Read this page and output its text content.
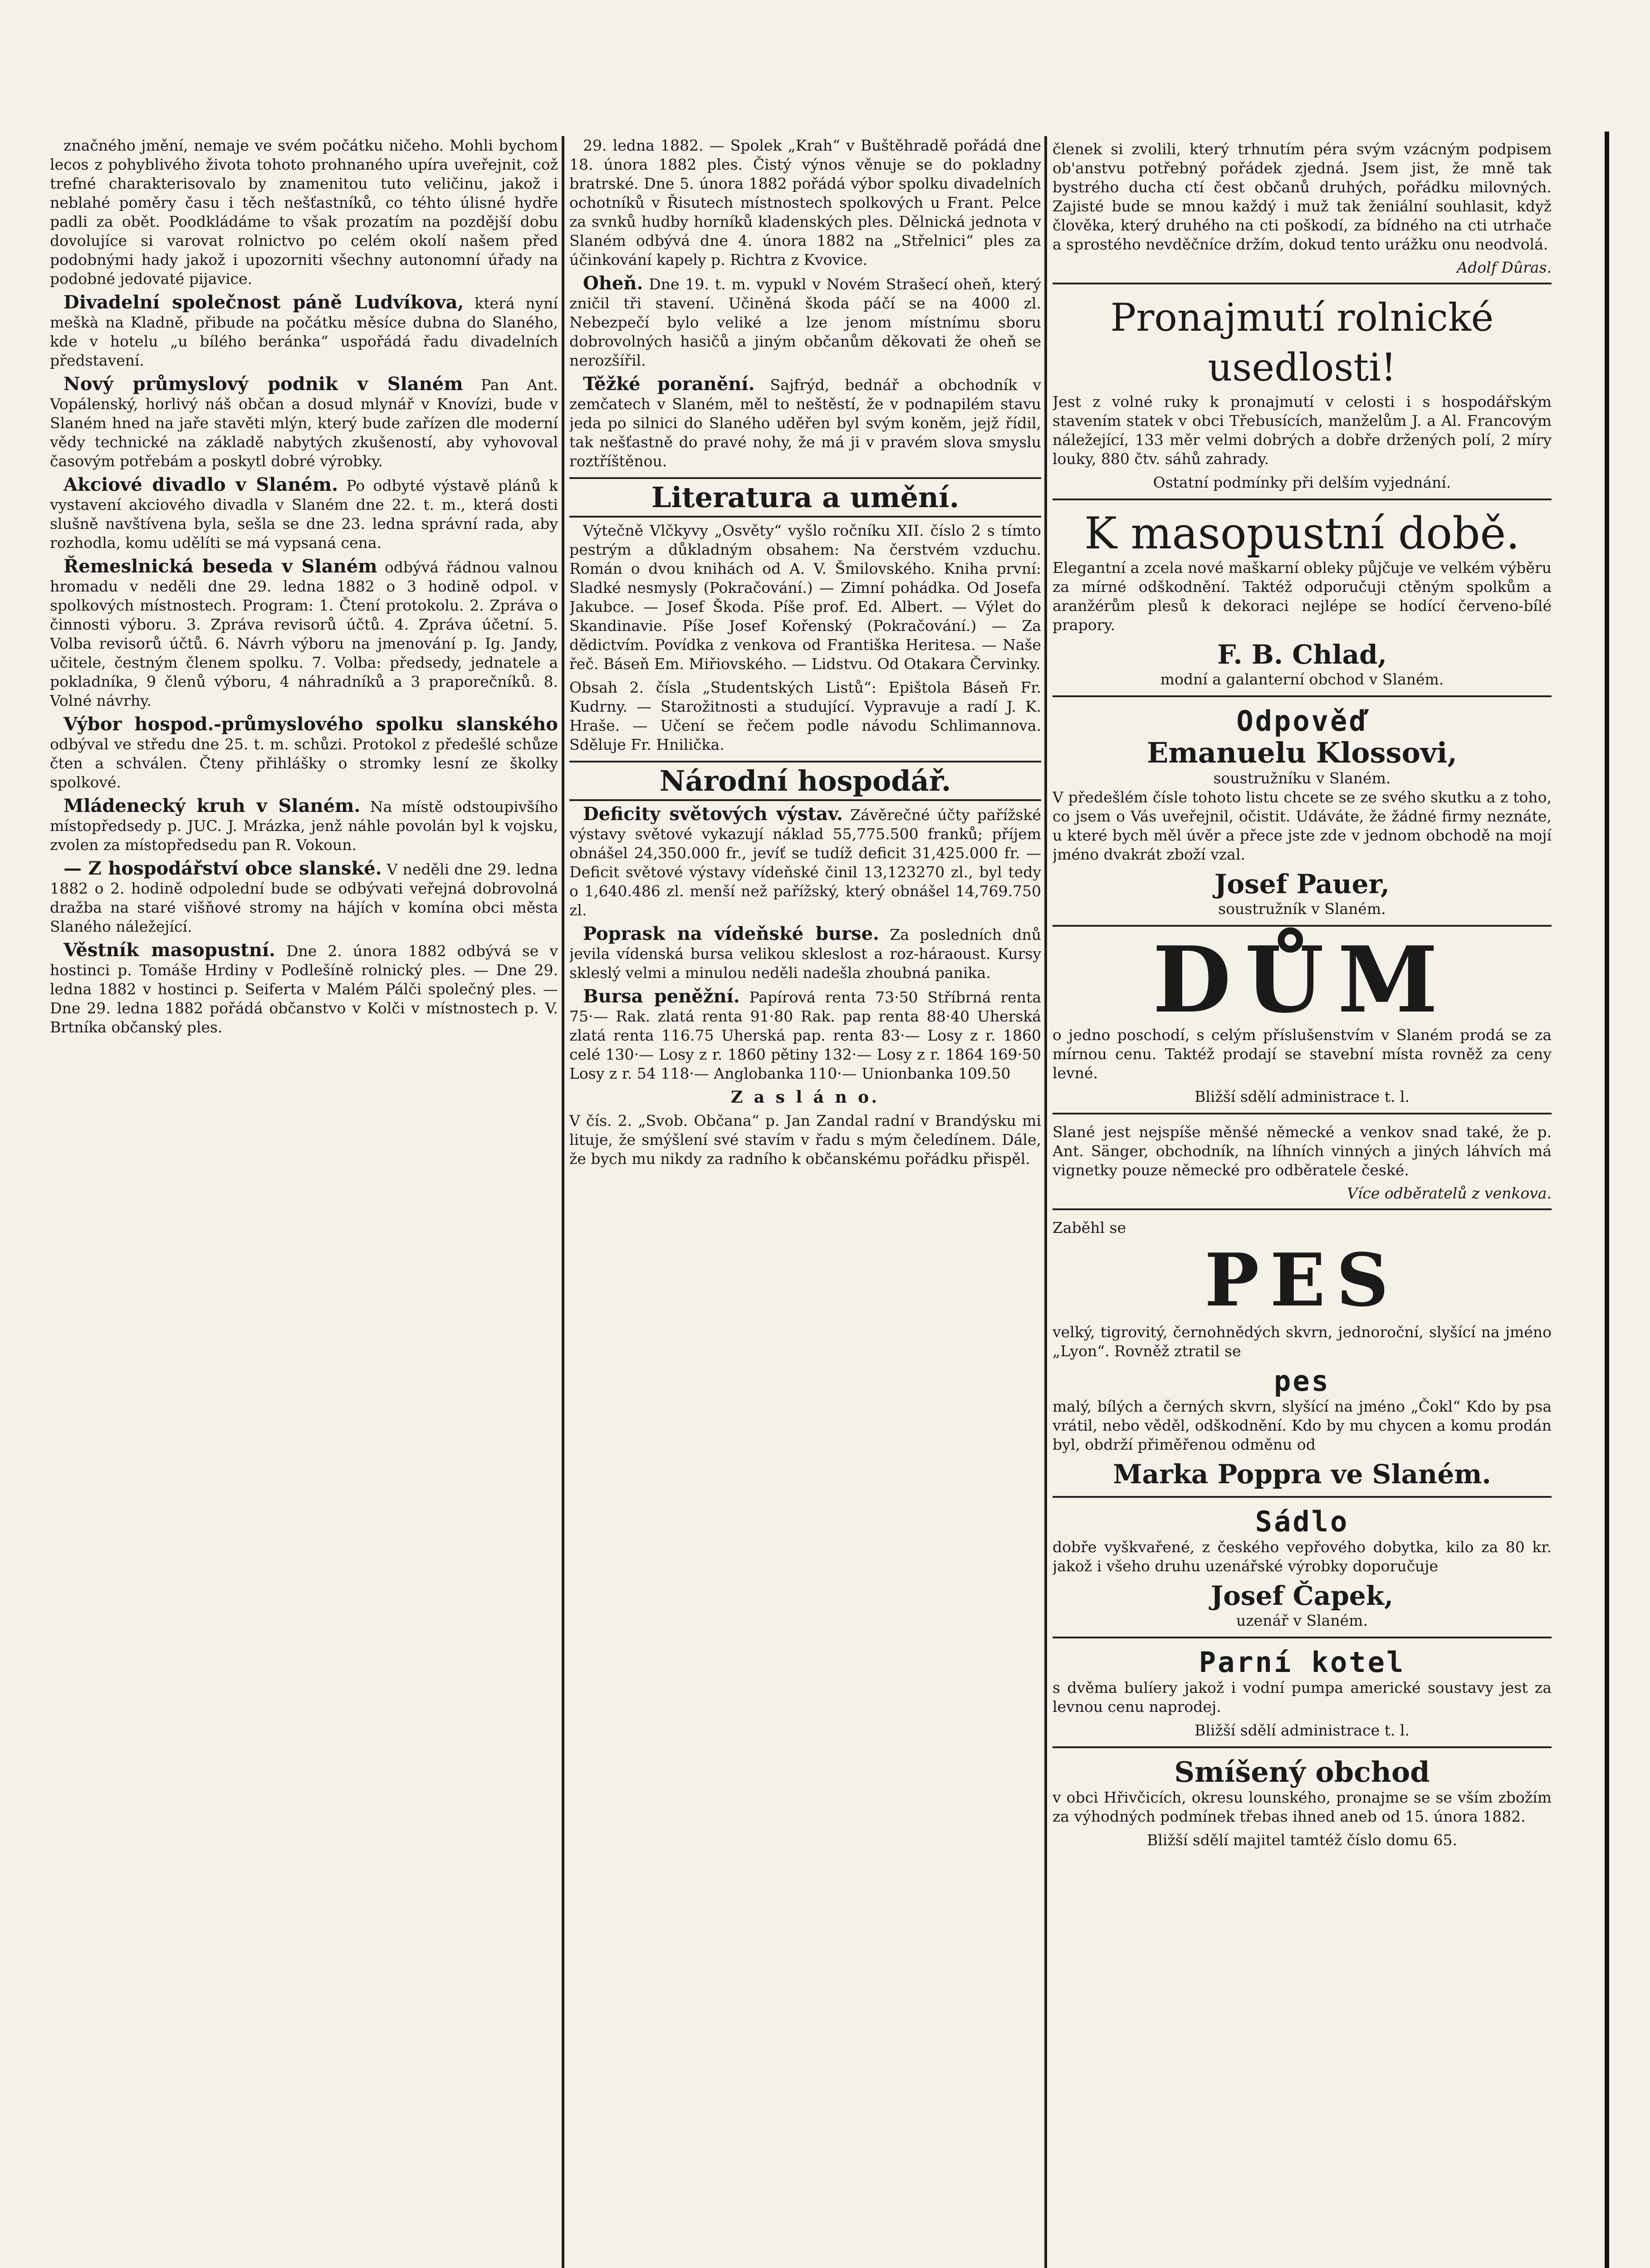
značného jmění, nemaje ve svém počátku ničeho. Mohli bychom lecos z pohyblivého života tohoto prohnaného upíra uveřejnit, což trefné charakterisovalo by znamenitou tuto veličinu, jakož i neblahé poměry času i těch nešťastníků, co téhto úlisné hydře padli za obět. Poodkládáme to však prozatím na pozdější dobu dovolujíce si varovat rolnictvo po celém okolí našem před podobnými hady jakož i upozorniti všechny autonomní úřady na podobné jedovaté pijavice.

Divadelní společnost páně Ludvíkova, která nyní meškà na Kladně, přibude na počátku měsíce dubna do Slaného, kde v hotelu „u bílého beránka“ uspořádá řadu divadelních představení.

Nový průmyslový podnik v Slaném Pan Ant. Vopálenský, horlivý náš občan a dosud mlynář v Knovízi, bude v Slaném hned na jaře stavěti mlýn, který bude zařízen dle moderní vědy technické na základě nabytých zkušeností, aby vyhovoval časovým potřebám a poskytl dobré výrobky.

Akciové divadlo v Slaném. Po odbyté výstavě plánů k vystavení akciového divadla v Slaném dne 22. t. m., která dosti slušně navštívena byla, sešla se dne 23. ledna správní rada, aby rozhodla, komu udělíti se má vypsaná cena.

Řemeslnická beseda v Slaném odbývá řádnou valnou hromadu v neděli dne 29. ledna 1882 o 3 hodině odpol. v spolkových místnostech. Program: 1. Čtení protokolu. 2. Zpráva o činnosti výboru. 3. Zpráva revisorů účtů. 4. Zpráva účetní. 5. Volba revisorů účtů. 6. Návrh výboru na jmenování p. Ig. Jandy, učitele, čestným členem spolku. 7. Volba: předsedy, jednatele a pokladníka, 9 členů výboru, 4 náhradníků a 3 praporečníků. 8. Volné návrhy.

Výbor hospod.-průmyslového spolku slanského odbýval ve středu dne 25. t. m. schůzi. Protokol z předešlé schůze čten a schválen. Čteny přihlášky o stromky lesní ze školky spolkové.

Mládenecký kruh v Slaném. Na místě odstoupivšího místopředsedy p. JUC. J. Mrázka, jenž náhle povolán byl k vojsku, zvolen za místopředsedu pan R. Vokoun.

— Z hospodářství obce slanské. V neděli dne 29. ledna 1882 o 2. hodině odpolední bude se odbývati veřejná dobrovolná dražba na staré višňové stromy na hájích v komína obci města Slaného náležející.

Věstník masopustní. Dne 2. února 1882 odbývá se v hostinci p. Tomáše Hrdiny v Podlešíně rolnický ples. — Dne 29. ledna 1882 v hostinci p. Seiferta v Malém Pálči společný ples. — Dne 29. ledna 1882 pořádá občanstvo v Kolči v místnostech p. V. Brtníka občanský ples.

29. ledna 1882. — Spolek „Krah“ v Buštěhradě pořádá dne 18. února 1882 ples. Čistý výnos věnuje se do pokladny bratrské. Dne 5. února 1882 pořádá výbor spolku divadelních ochotníků v Řisutech místnostech spolkových u Frant. Pelce za svnků hudby horníků kladenských ples. Dělnická jednota v Slaném odbývá dne 4. února 1882 na „Střelnici“ ples za účinkování kapely p. Richtra z Kvovice.

Oheň. Dne 19. t. m. vypukl v Novém Strašecí oheň, který zničil tři stavení. Učiněná škoda páčí se na 4000 zl. Nebezpečí bylo veliké a lze jenom místnímu sboru dobrovolných hasičů a jiným občanům děkovati že oheň se nerozšířil.

Těžké poranění. Sajfrýd, bednář a obchodník v zemčatech v Slaném, měl to neštěstí, že v podnapilém stavu jeda po silnici do Slaného uděřen byl svým koněm, jejž řídil, tak nešťastně do pravé nohy, že má ji v pravém slova smyslu roztříštěnou.

Literatura a umění.

Výtečně Vlčkyvy „Osvěty“ vyšlo ročníku XII. číslo 2 s tímto pestrým a důkladným obsahem: Na čerstvém vzduchu. Román o dvou knihách od A. V. Šmilovského. Kniha první: Sladké nesmysly (Pokračování.) — Zimní pohádka. Od Josefa Jakubce. — Josef Škoda. Píše prof. Ed. Albert. — Výlet do Skandinavie. Píše Josef Kořenský (Pokračování.) — Za dědictvím. Povídka z venkova od Františka Heritesa. — Naše řeč. Báseň Em. Miřiovského. — Lidstvu. Od Otakara Červinky.

Obsah 2. čísla „Studentských Listů“: Epištola Báseň Fr. Kudrny. — Starožitnosti a studující. Vypravuje a radí J. K. Hraše. — Učení se řečem podle návodu Schlimannova. Sděluje Fr. Hnilička.

Národní hospodář.

Deficity světových výstav. Závěrečné účty pařížské výstavy světové vykazují náklad 55,775.500 franků; příjem obnášel 24,350.000 fr., jevíť se tudíž deficit 31,425.000 fr. — Deficit světové výstavy vídeňské činil 13,123270 zl., byl tedy o 1,640.486 zl. menší než pařížský, který obnášel 14,769.750 zl.

Poprask na vídeňské burse. Za posledních dnů jevila vídenská bursa velikou skleslost a roz-háraoust. Kursy skleslý velmi a minulou neděli nadešla zhoubná panika.

Bursa peněžní. Papírová renta 73·50 Stříbrná renta 75·— Rak. zlatá renta 91·80 Rak. pap renta 88·40 Uherská zlatá renta 116.75 Uherská pap. renta 83·— Losy z r. 1860 celé 130·— Losy z r. 1860 pětiny 132·— Losy z r. 1864 169·50 Losy z r. 54 118·— Anglobanka 110·— Unionbanka 109.50

Z a s l á n o.

V čís. 2. „Svob. Občana“ p. Jan Zandal radní v Brandýsku mi lituje, že smýšlení své stavím v řadu s mým čeledínem. Dále, že bych mu nikdy za radního k občanskému pořádku přispěl.

členek si zvolili, který trhnutím péra svým vzácným podpisem ob'anstvu potřebný pořádek zjedná. Jsem jist, že mně tak bystrého ducha ctí čest občanů druhých, pořádku milovných. Zajisté bude se mnou každý i muž tak ženiální souhlasit, když člověka, který druhého na cti poškodí, za bídného na cti utrhače a sprostého nevděčníce držím, dokud tento urážku onu neodvolá.

Adolf Dûras.
Pronajmutí rolnické usedlosti!

Jest z volné ruky k pronajmutí v celosti i s hospodářským stavením statek v obci Třebusících, manželům J. a Al. Francovým náležející, 133 měr velmi dobrých a dobře držených polí, 2 míry louky, 880 čtv. sáhů zahrady.

Ostatní podmínky při delším vyjednání.
K masopustní době.

Elegantní a zcela nové maškarní obleky půjčuje ve velkém výběru za mírné odškodnění. Taktéž odporučuji ctěným spolkům a aranžérům plesů k dekoraci nejlépe se hodící červeno-bílé prapory.

F. B. Chlad,
modní a galanterní obchod v Slaném.
Odpověď
Emanuelu Klossovi,
soustružníku v Slaném.

V předešlém čísle tohoto listu chcete se ze svého skutku a z toho, co jsem o Vás uveřejnil, očistit. Udáváte, že žádné firmy neznáte, u které bych měl úvěr a přece jste zde v jednom obchodě na mojí jméno dvakrát zboží vzal.

Josef Pauer,
soustružník v Slaném.
DŮM

o jedno poschodí, s celým příslušenstvím v Slaném prodá se za mírnou cenu. Taktéž prodají se stavební místa rovněž za ceny levné.

Bližší sdělí administrace t. l.

Slané jest nejspíše měnšé německé a venkov snad také, že p. Ant. Sänger, obchodník, na líhních vinných a jiných láhvích má vignetky pouze německé pro odběratele české.

Více odběratelů z venkova.
Zaběhl se
PES

velký, tigrovitý, černohnědých skvrn, jednoroční, slyšící na jméno „Lyon“. Rovněž ztratil se

pes

malý, bílých a černých skvrn, slyšící na jméno „Čokl“ Kdo by psa vrátil, nebo věděl, odškodnění. Kdo by mu chycen a komu prodán byl, obdrží přiměřenou odměnu od

Marka Poppra ve Slaném.
Sádlo

dobře vyškvařené, z českého vepřového dobytka, kilo za 80 kr. jakož i všeho druhu uzenářské výrobky doporučuje

Josef Čapek,
uzenář v Slaném.
Parní kotel

s dvěma bulíery jakož i vodní pumpa americké soustavy jest za levnou cenu naprodej.

Bližší sdělí administrace t. l.
Smíšený obchod

v obci Hřivčicích, okresu lounského, pronajme se se vším zbožím za výhodných podmínek třebas ihned aneb od 15. února 1882.

Bližší sdělí majitel tamtéž číslo domu 65.
